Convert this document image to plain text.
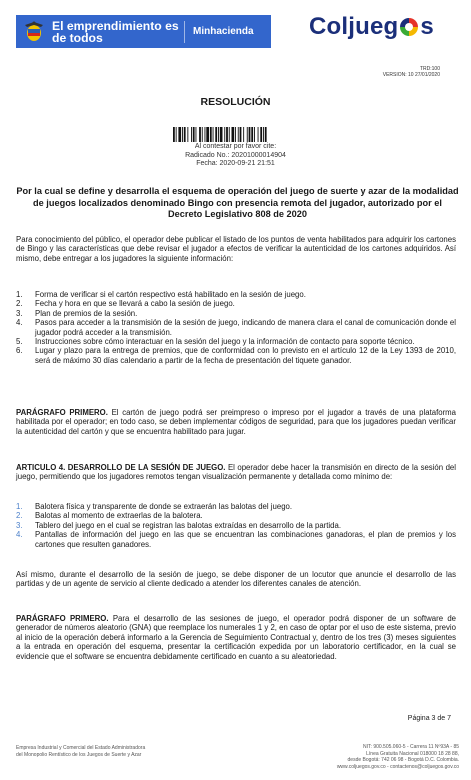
El emprendimiento es de todos	Minhacienda Colju eg s
TRD:100
VERSION: 10 27/01/2020
RESOLUCIÓN
Al contestar por favor cite:
Radicado No.: 20201000014904
Fecha: 2020-09-21 21:51
Por la cual se define y desarrolla el esquema de operación del juego de suerte y azar de la modalidad de juegos localizados denominado Bingo con presencia remota del jugador, autorizado por el Decreto Legislativo 808 de 2020
Para conocimiento del público, el operador debe publicar el listado de los puntos de venta habilitados para adquirir los cartones de Bingo y las características que debe revisar el jugador a efectos de verificar la autenticidad de los cartones adquiridos. Así mismo, debe entregar a los jugadores la siguiente información:
1. Forma de verificar si el cartón respectivo está habilitado en la sesión de juego.
2. Fecha y hora en que se llevará a cabo la sesión de juego.
3. Plan de premios de la sesión.
4. Pasos para acceder a la transmisión de la sesión de juego, indicando de manera clara el canal de comunicación donde el jugador podrá acceder a la transmisión.
5. Instrucciones sobre cómo interactuar en la sesión del juego y la información de contacto para soporte técnico.
6. Lugar y plazo para la entrega de premios, que de conformidad con lo previsto en el artículo 12 de la Ley 1393 de 2010, será de máximo 30 días calendario a partir de la fecha de presentación del tiquete ganador.
PARÁGRAFO PRIMERO. El cartón de juego podrá ser preimpreso o impreso por el jugador a través de una plataforma habilitada por el operador; en todo caso, se deben implementar códigos de seguridad, para que los jugadores puedan verificar la autenticidad del cartón y que se encuentra habilitado para jugar.
ARTICULO 4. DESARROLLO DE LA SESIÓN DE JUEGO. El operador debe hacer la transmisión en directo de la sesión del juego, permitiendo que los jugadores remotos tengan visualización permanente y detallada como mínimo de:
1. Balotera física y transparente de donde se extraerán las balotas del juego.
2. Balotas al momento de extraerlas de la balotera.
3. Tablero del juego en el cual se registran las balotas extraídas en desarrollo de la partida.
4. Pantallas de información del juego en las que se encuentran las combinaciones ganadoras, el plan de premios y los cartones que resulten ganadores.
Así mismo, durante el desarrollo de la sesión de juego, se debe disponer de un locutor que anuncie el desarrollo de las partidas y de un agente de servicio al cliente dedicado a atender los diferentes canales de atención.
PARÁGRAFO PRIMERO. Para el desarrollo de las sesiones de juego, el operador podrá disponer de un software de generador de números aleatorio (GNA) que reemplace los numerales 1 y 2, en caso de optar por el uso de este sistema, previo al inicio de la operación deberá informarlo a la Gerencia de Seguimiento Contractual y, dentro de los tres (3) meses siguientes a la entrada en operación del esquema, presentar la certificación expedida por un laboratorio certificador, en la cual se evidencie que el software se encuentra debidamente certificado en cuanto a su aleatoriedad.
Página 3 de 7
Empresa Industrial y Comercial del Estado Administradora
del Monopolio Rentístico de los Juegos de Suerte y Azar
NIT: 900.505.060-5 - Carrera 11 Nº93A - 85
Línea Gratuita Nacional 018000 18 28 88,
desde Bogotá: 742 06 98 - Bogotá D.C. Colombia.
www.coljuegos.gov.co - contactenos@coljuegos.gov.co
